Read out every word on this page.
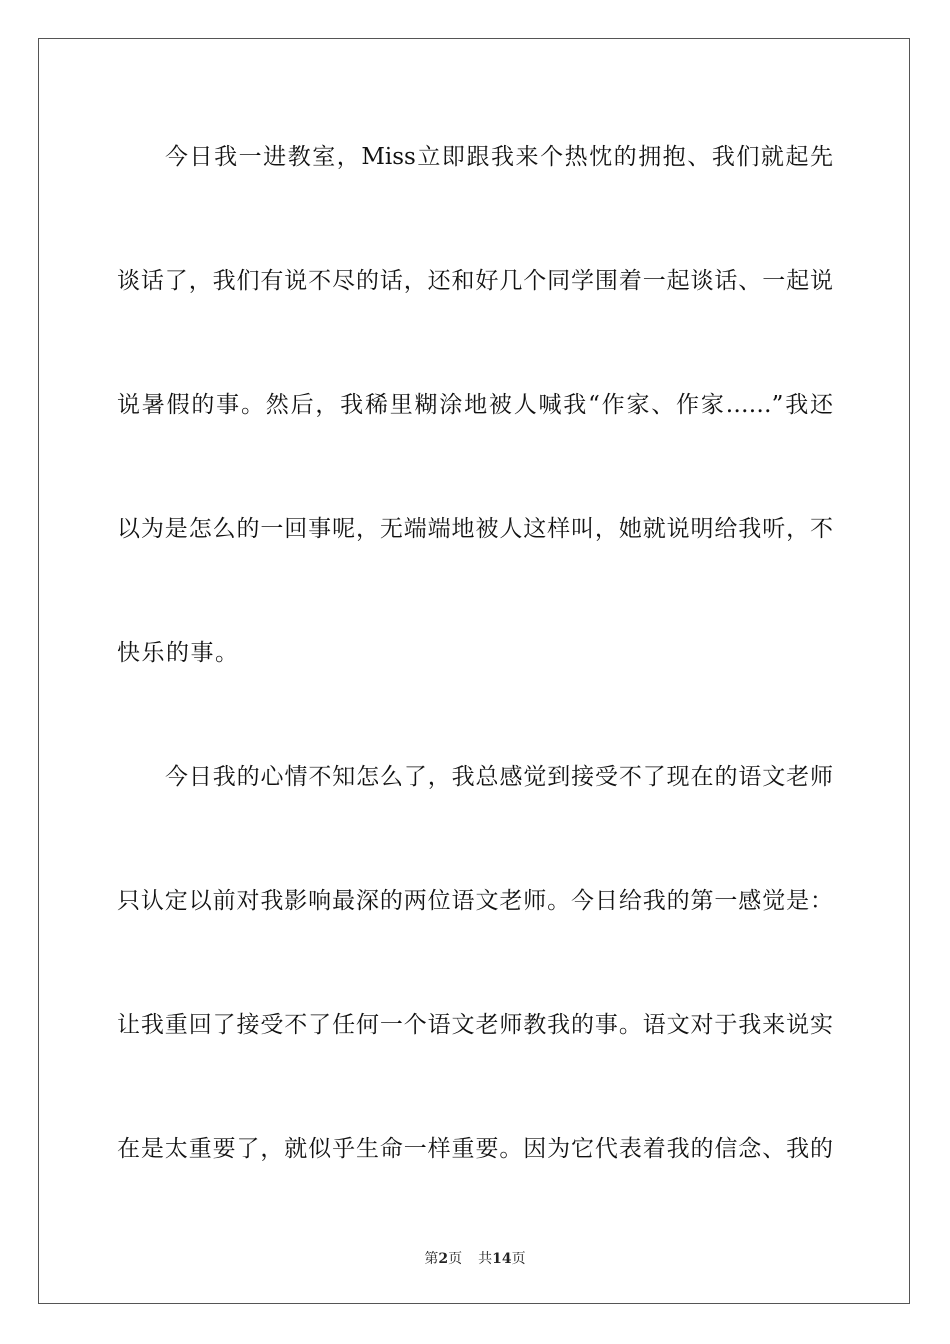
今日我一进教室，Miss立即跟我来个热忱的拥抱、我们就起先
谈话了，我们有说不尽的话，还和好几个同学围着一起谈话、一起说
说暑假的事。然后，我稀里糊涂地被人喊我“作家、作家……”我还
以为是怎么的一回事呢，无端端地被人这样叫，她就说明给我听，不
快乐的事。
今日我的心情不知怎么了，我总感觉到接受不了现在的语文老师
只认定以前对我影响最深的两位语文老师。今日给我的第一感觉是：
让我重回了接受不了任何一个语文老师教我的事。语文对于我来说实
在是太重要了，就似乎生命一样重要。因为它代表着我的信念、我的
第2页 共14页
